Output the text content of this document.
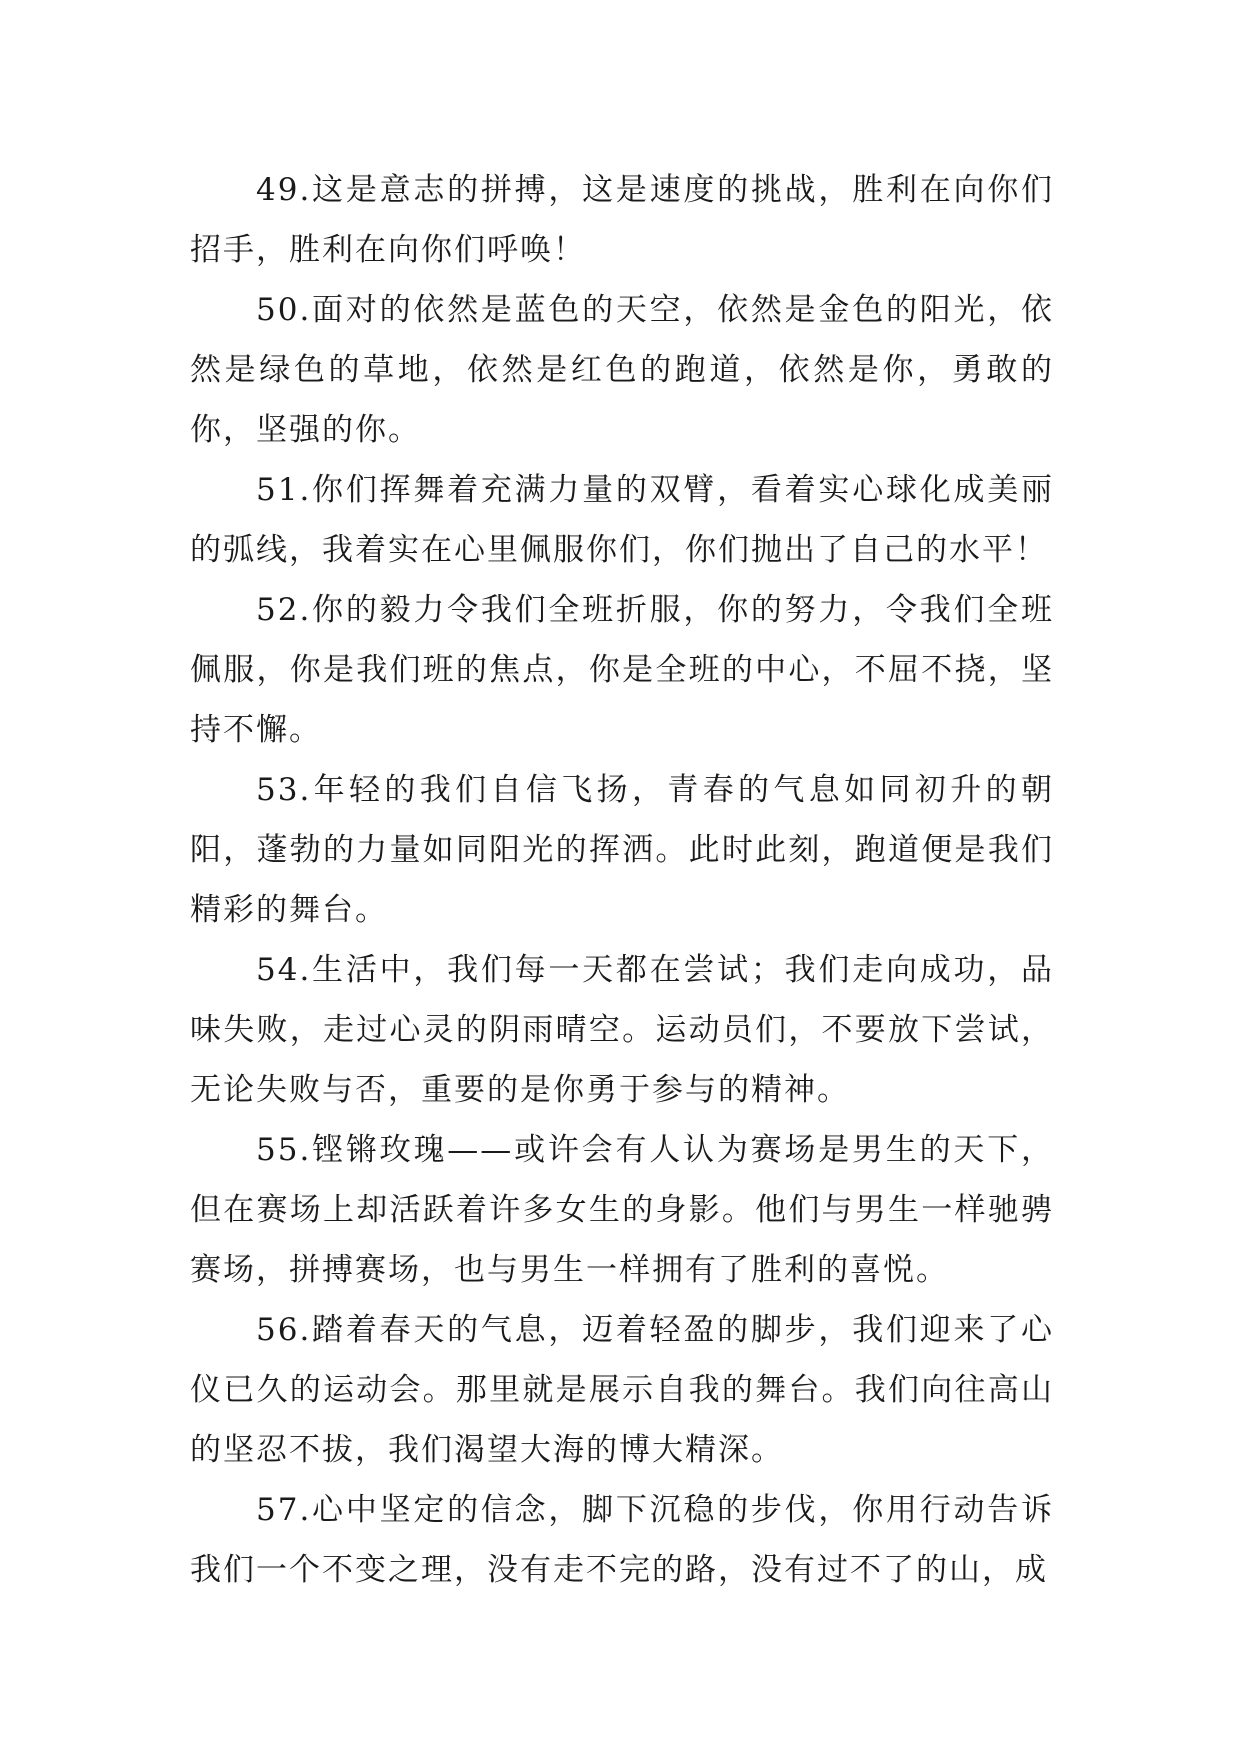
49.这是意志的拼搏，这是速度的挑战，胜利在向你们招手，胜利在向你们呼唤！

50.面对的依然是蓝色的天空，依然是金色的阳光，依然是绿色的草地，依然是红色的跑道，依然是你，勇敢的你，坚强的你。

51.你们挥舞着充满力量的双臂，看着实心球化成美丽的弧线，我着实在心里佩服你们，你们抛出了自己的水平！

52.你的毅力令我们全班折服，你的努力，令我们全班佩服，你是我们班的焦点，你是全班的中心，不屈不挠，坚持不懈。

53.年轻的我们自信飞扬，青春的气息如同初升的朝阳，蓬勃的力量如同阳光的挥洒。此时此刻，跑道便是我们精彩的舞台。

54.生活中，我们每一天都在尝试；我们走向成功，品味失败，走过心灵的阴雨晴空。运动员们，不要放下尝试，无论失败与否，重要的是你勇于参与的精神。

55.铿锵玫瑰——或许会有人认为赛场是男生的天下，但在赛场上却活跃着许多女生的身影。他们与男生一样驰骋赛场，拼搏赛场，也与男生一样拥有了胜利的喜悦。

56.踏着春天的气息，迈着轻盈的脚步，我们迎来了心仪已久的运动会。那里就是展示自我的舞台。我们向往高山的坚忍不拔，我们渴望大海的博大精深。

57.心中坚定的信念，脚下沉稳的步伐，你用行动告诉我们一个不变之理，没有走不完的路，没有过不了的山，成
